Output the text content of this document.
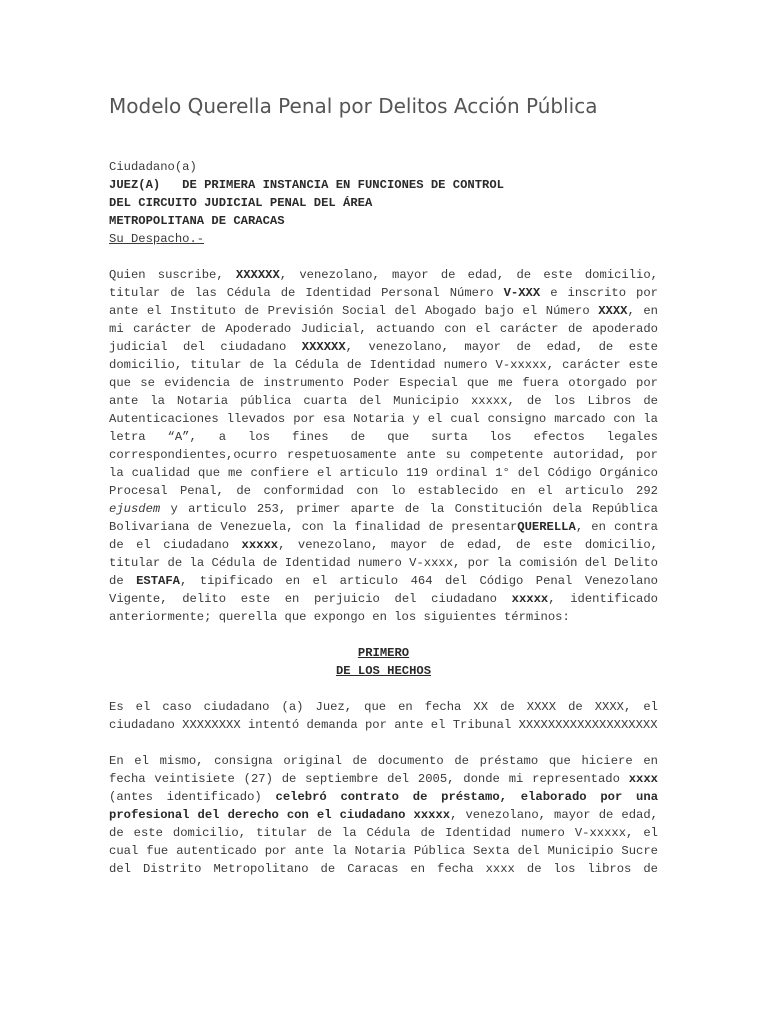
Modelo Querella Penal por Delitos Acción Pública

Ciudadano(a)

JUEZ(A) DE PRIMERA INSTANCIA EN FUNCIONES DE CONTROL

DEL CIRCUITO JUDICIAL PENAL DEL ÁREA

METROPOLITANA DE CARACAS

Su Despacho.-

Quien suscribe, XXXXXX, venezolano, mayor de edad, de este domicilio, titular de las Cédula de Identidad Personal Número V-XXX e inscrito por ante el Instituto de Previsión Social del Abogado bajo el Número XXXX, en mi carácter de Apoderado Judicial, actuando con el carácter de apoderado judicial del ciudadano XXXXXX, venezolano, mayor de edad, de este domicilio, titular de la Cédula de Identidad numero V-xxxxx, carácter este que se evidencia de instrumento Poder Especial que me fuera otorgado por ante la Notaria pública cuarta del Municipio xxxxx, de los Libros de Autenticaciones llevados por esa Notaria y el cual consigno marcado con la letra “A”, a los fines de que surta los efectos legales correspondientes,ocurro respetuosamente ante su competente autoridad, por la cualidad que me confiere el articulo 119 ordinal 1° del Código Orgánico Procesal Penal, de conformidad con lo establecido en el articulo 292 ejusdem y articulo 253, primer aparte de la Constitución dela República Bolivariana de Venezuela, con la finalidad de presentarQUERELLA, en contra de el ciudadano xxxxx, venezolano, mayor de edad, de este domicilio, titular de la Cédula de Identidad numero V-xxxx, por la comisión del Delito de ESTAFA, tipificado en el articulo 464 del Código Penal Venezolano Vigente, delito este en perjuicio del ciudadano xxxxx, identificado anteriormente; querella que expongo en los siguientes términos:

PRIMERO

DE LOS HECHOS

Es el caso ciudadano (a) Juez, que en fecha XX de XXXX de XXXX, el ciudadano XXXXXXXX intentó demanda por ante el Tribunal XXXXXXXXXXXXXXXXXXX

En el mismo, consigna original de documento de préstamo que hiciere en fecha veintisiete (27) de septiembre del 2005, donde mi representado xxxx (antes identificado) celebró contrato de préstamo, elaborado por una profesional del derecho con el ciudadano xxxxx, venezolano, mayor de edad, de este domicilio, titular de la Cédula de Identidad numero V-xxxxx, el cual fue autenticado por ante la Notaria Pública Sexta del Municipio Sucre del Distrito Metropolitano de Caracas en fecha xxxx de los libros de
